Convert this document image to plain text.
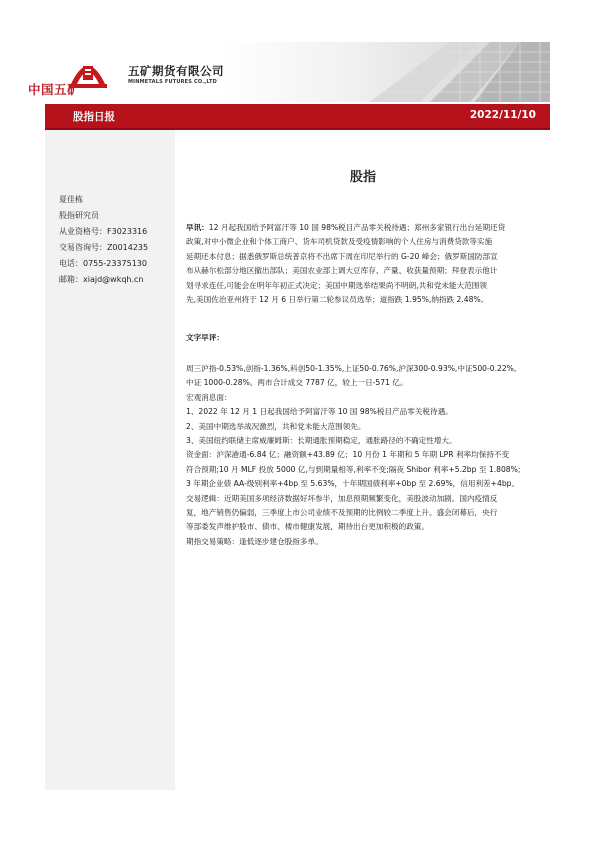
中国五矿
五矿期货有限公司
MINMETALS FUTURES CO.,LTD
股指日报	2022/11/10
夏佳栋
股指研究员
从业资格号：F3023316
交易咨询号：Z0014235
电话：0755-23375130
邮箱：xiajd@wkqh.cn
股指

早讯：12 月起我国给予阿富汗等 10 国 98%税目产品零关税待遇；郑州多家银行出台延期还贷

政策,对中小微企业和个体工商户、货车司机贷款及受疫情影响的个人住房与消费贷款等实施

延期还本付息；据悉俄罗斯总统普京将不出席下周在印尼举行的 G-20 峰会；俄罗斯国防部宣

布从赫尔松部分地区撤出部队；美国农业部上调大豆库存、产量、收获量预期；拜登表示他计

划寻求连任,可能会在明年年初正式决定；美国中期选举结果尚不明朗,共和党未能大范围领

先,美国佐治亚州将于 12 月 6 日举行第二轮参议员选举；道指跌 1.95%,纳指跌 2.48%。

文字早评：

周三沪指-0.53%,创指-1.36%,科创50-1.35%,上证50-0.76%,沪深300-0.93%,中证500-0.22%,

中证 1000-0.28%。两市合计成交 7787 亿，较上一日-571 亿。

宏观消息面：

1、2022 年 12 月 1 日起我国给予阿富汗等 10 国 98%税目产品零关税待遇。

2、美国中期选举战况激烈，共和党未能大范围领先。

3、美国纽约联储主席威廉姆斯：长期通胀预期稳定，通胀路径的不确定性增大。

资金面：沪深港通-6.84 亿；融资额+43.89 亿；10 月份 1 年期和 5 年期 LPR 利率均保持不变

符合预期;10 月 MLF 投放 5000 亿,与到期量相等,利率不变;隔夜 Shibor 利率+5.2bp 至 1.808%;

3 年期企业债 AA-级别利率+4bp 至 5.63%，十年期国债利率+0bp 至 2.69%，信用利差+4bp。

交易逻辑：近期美国多项经济数据好坏参半，加息预期频繁变化，美股波动加剧。国内疫情反

复，地产销售仍偏弱，三季度上市公司业绩不及预期的比例较二季度上升。盛会闭幕后，央行

等部委发声维护股市、债市、楼市健康发展，期待出台更加积极的政策。

期指交易策略：逢低逐步建仓股指多单。
